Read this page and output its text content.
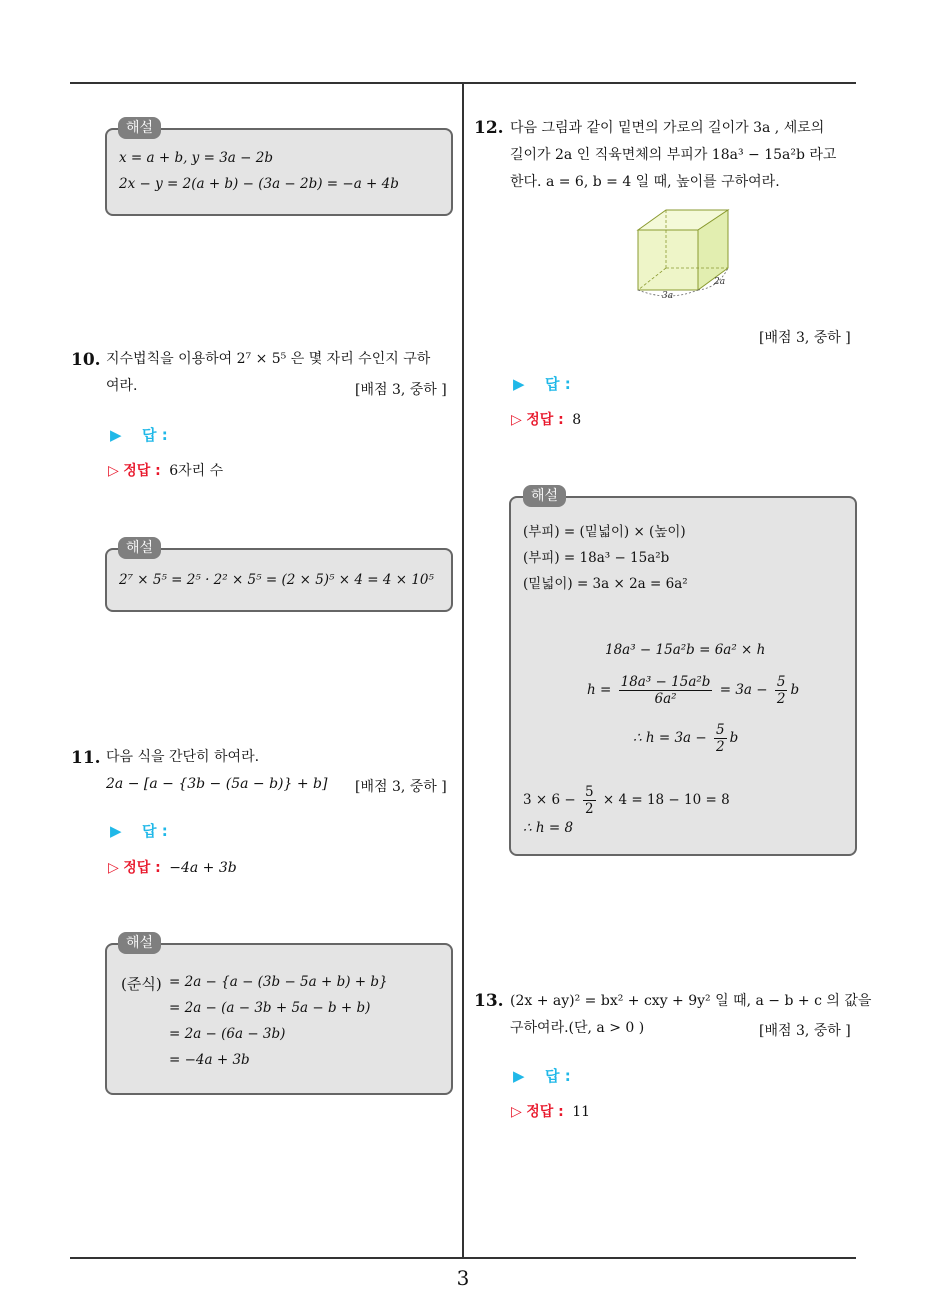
x = a + b, y = 3a − 2b
2x − y = 2(a + b) − (3a − 2b) = −a + 4b
해설
10. 지수법칙을 이용하여 2⁷ × 5⁵ 은 몇 자리 수인지 구하
여라.	[배점 3, 중하 ]
▶ 답 :
▷ 정답 : 6자리 수
2⁷ × 5⁵ = 2⁵ · 2² × 5⁵ = (2 × 5)⁵ × 4 = 4 × 10⁵
해설
11. 다음 식을 간단히 하여라.
2a − [a − {3b − (5a − b)} + b] [배점 3, 중하 ]
▶ 답 :
▷ 정답 : −4a + 3b
(준식) = 2a − {a − (3b − 5a + b) + b}
= 2a − (a − 3b + 5a − b + b)
= 2a − (6a − 3b)
= −4a + 3b
해설
12. 다음 그림과 같이 밑면의 가로의 길이가 3a , 세로의
길이가 2a 인 직육면체의 부피가 18a³ − 15a²b 라고
한다. a = 6, b = 4 일 때, 높이를 구하여라.
3a
2a
[배점 3, 중하 ]
▶ 답 :
▷ 정답 : 8
(부피) = (밑넓이) × (높이)
(부피) = 18a³ − 15a²b
(밑넓이) = 3a × 2a = 6a²
18a³ − 15a²b = 6a² × h
$h = \frac{\text{18a³ − 15a²b}}{\text{6a²}} = 3a - \frac{5}{2}$ b
∴ $h = 3a - \frac{5}{2}$ b
$3 \times 6 - \frac{5}{2} \times 4 = 18 - 10 = 8$
∴ h = 8
해설
13. (2x + ay)² = bx² + cxy + 9y² 일 때, a − b + c 의 값을
구하여라.(단, a > 0 )	[배점 3, 중하 ]
▶ 답 :
▷ 정답 : 11
3
